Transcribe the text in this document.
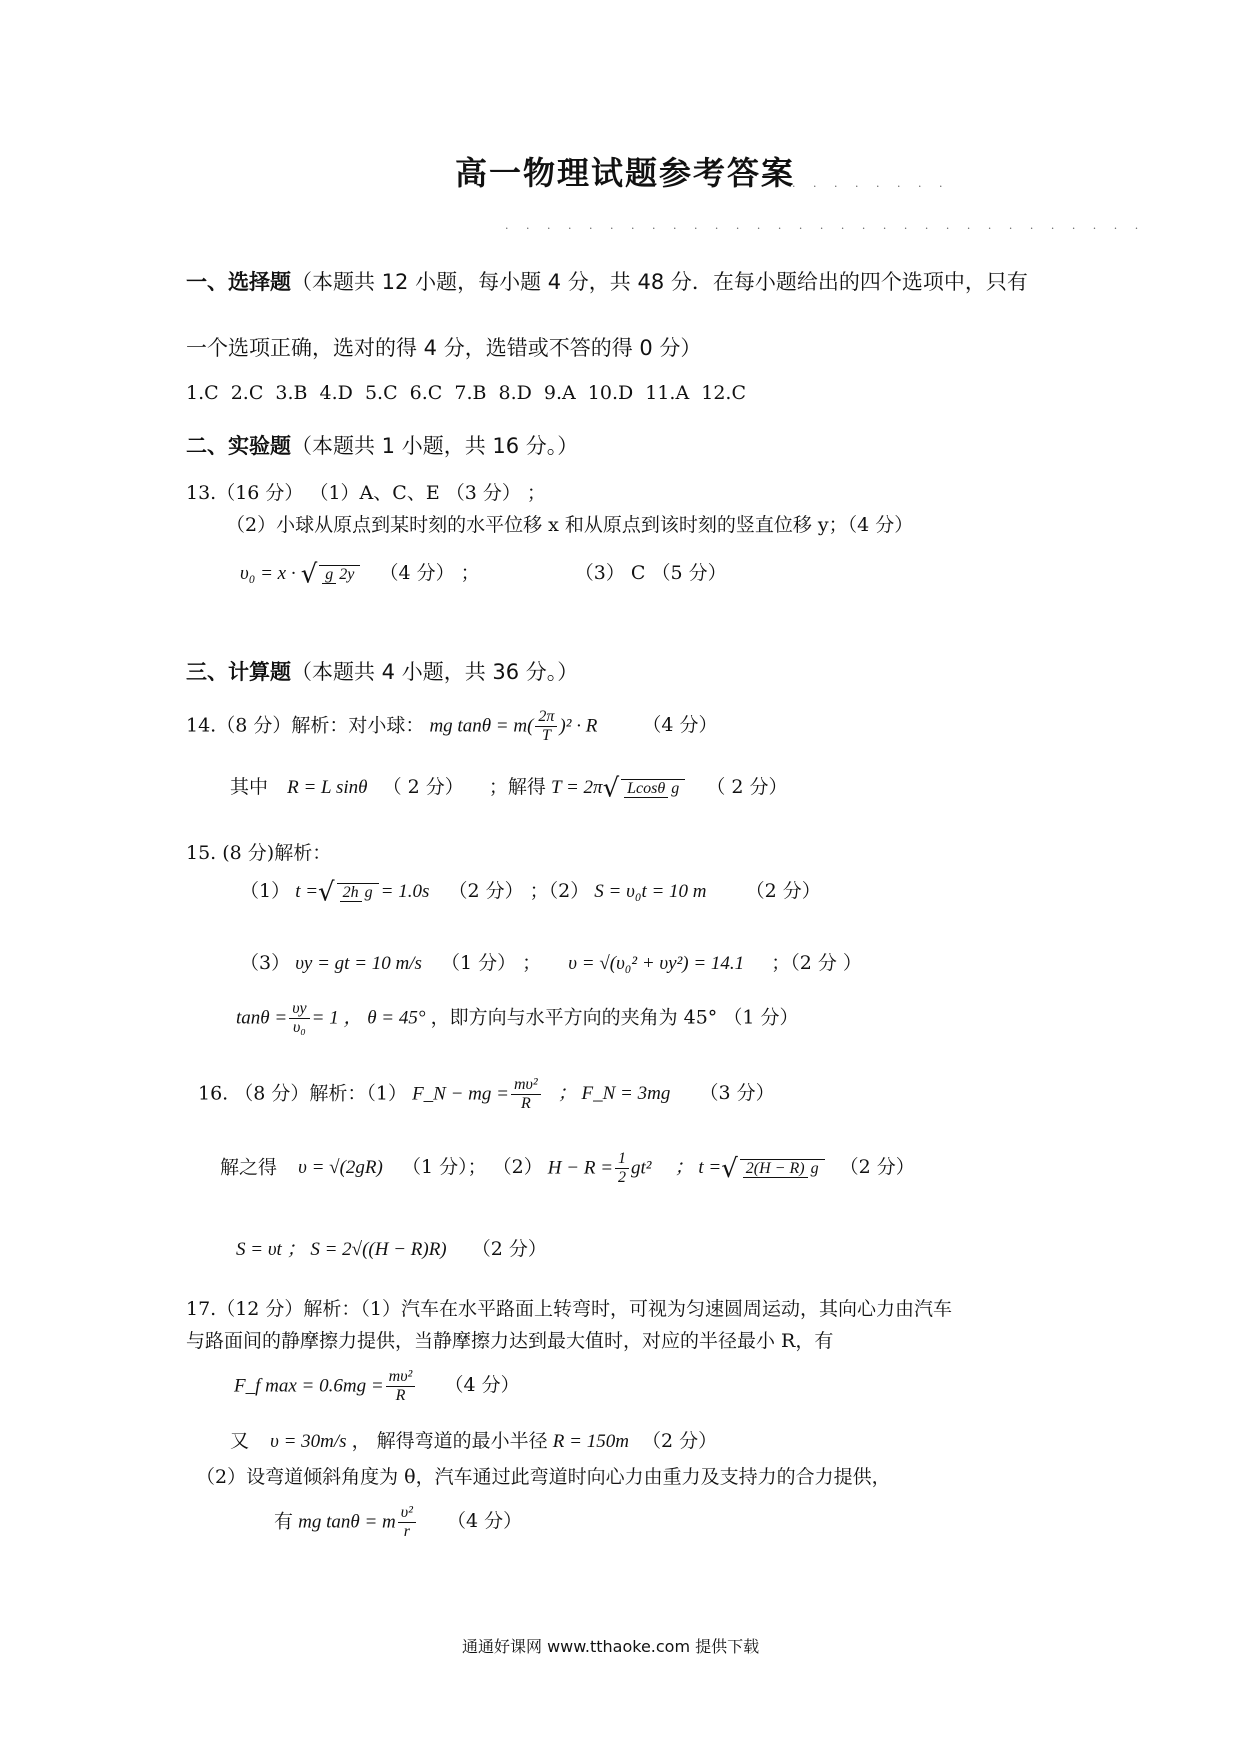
高一物理试题参考答案
· · · · · · · ·
· · · · · · · · · · · · · · · · · · · · · · · · · · · · · · ·
一、选择题（本题共 12 小题，每小题 4 分，共 48 分．在每小题给出的四个选项中，只有
一个选项正确，选对的得 4 分，选错或不答的得 0 分）
1.C 2.C 3.B 4.D 5.C 6.C 7.B 8.D 9.A 10.D 11.A 12.C
二、实验题（本题共 1 小题，共 16 分。）
13.（16 分） （1）A、C、E （3 分） ；
（2）小球从原点到某时刻的水平位移 x 和从原点到该时刻的竖直位移 y；（4 分）
υ₀ = x · √ g 2y （4 分） ；	（3） C （5 分）
三、计算题（本题共 4 小题，共 36 分。）
14.（8 分）解析：对小球： mg $\tan\theta = m( \frac{2\pi}{T} )^2 \cdot R$ （4 分）
其中 R = L sinθ （ 2 分） ；解得 T = 2π√ Lcosθ g （ 2 分）
15. (8 分)解析：
（1） t =√ 2h g = 1.0s （2 分） ；（2） S = υ₀t = 10 m （2 分）
（3） υy = gt = 10 m/s （1 分） ； υ = √(υ₀² + υy²) = 14.1 ；（2 分 ）
$\tan\theta = \frac{\upsilon y}{\text{υ₀}} = 1$ ， θ = 45° ，即方向与水平方向的夹角为 45° （1 分）
16. （8 分）解析：（1） F_N − mg = $\frac{\text{mυ²}}{R}$ ； F_N = 3mg （3 分）
解之得 υ = √(2gR) （1 分）； （2） $H - R = \frac{1}{2} gt^2$ ； t =√ 2(H − R) g （2 分）
S = υt ； S = 2√((H − R)R) （2 分）
17.（12 分）解析：（1）汽车在水平路面上转弯时，可视为匀速圆周运动，其向心力由汽车
与路面间的静摩擦力提供，当静摩擦力达到最大值时，对应的半径最小 R，有
F_f $\max = 0.6mg = \frac{\text{mυ²}}{R} (4$ 分）
又 υ = 30m/s ， 解得弯道的最小半径 R = 150m （2 分）
（2）设弯道倾斜角度为 θ，汽车通过此弯道时向心力由重力及支持力的合力提供，
有 mg tanθ = m $\frac{\text{υ²}}{r} (4$ 分）
通通好课网 www.tthaoke.com 提供下载
